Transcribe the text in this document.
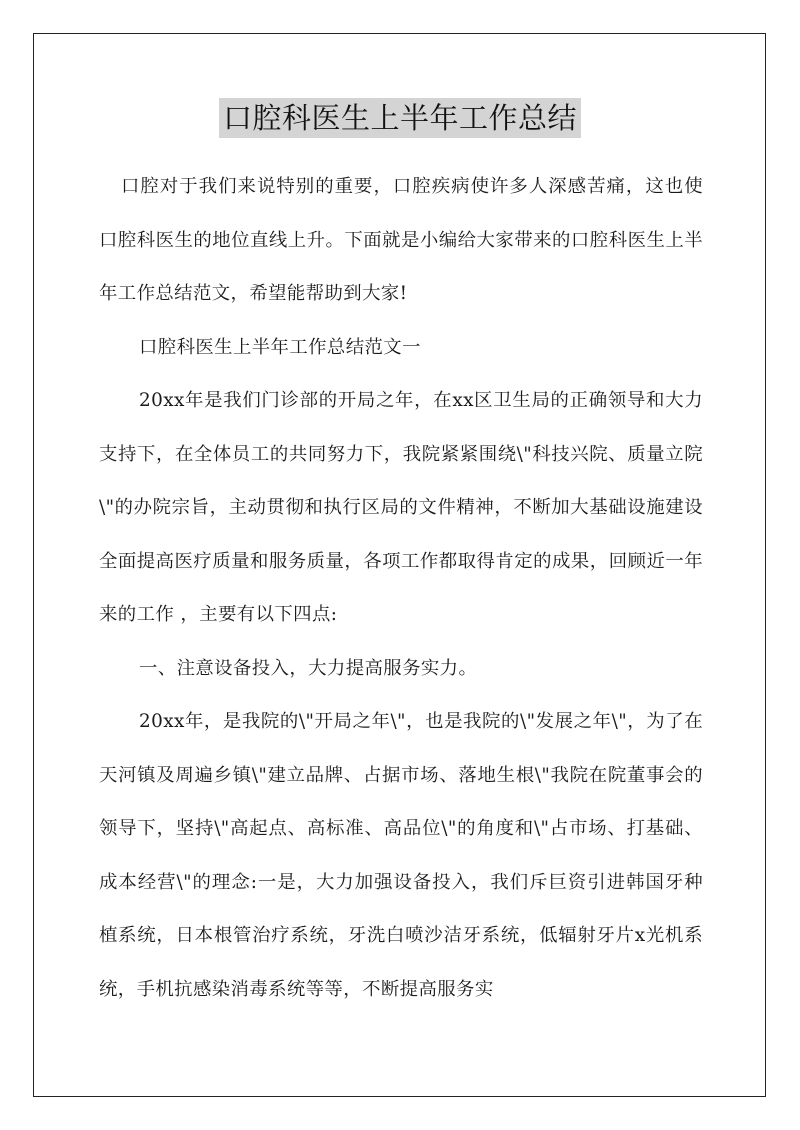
口腔科医生上半年工作总结

口腔对于我们来说特别的重要，口腔疾病使许多人深感苦痛，这也使口腔科医生的地位直线上升。下面就是小编给大家带来的口腔科医生上半年工作总结范文，希望能帮助到大家!

口腔科医生上半年工作总结范文一

20xx年是我们门诊部的开局之年，在xx区卫生局的正确领导和大力支持下，在全体员工的共同努力下，我院紧紧围绕\"科技兴院、质量立院\"的办院宗旨，主动贯彻和执行区局的文件精神，不断加大基础设施建设全面提高医疗质量和服务质量，各项工作都取得肯定的成果，回顾近一年来的工作 ，主要有以下四点:

一、注意设备投入，大力提高服务实力。

20xx年，是我院的\"开局之年\"，也是我院的\"发展之年\"，为了在天河镇及周遍乡镇\"建立品牌、占据市场、落地生根\"我院在院董事会的领导下，坚持\"高起点、高标准、高品位\"的角度和\"占市场、打基础、成本经营\"的理念:一是，大力加强设备投入，我们斥巨资引进韩国牙种植系统，日本根管治疗系统，牙洗白喷沙洁牙系统，低辐射牙片x光机系统，手机抗感染消毒系统等等，不断提高服务实
